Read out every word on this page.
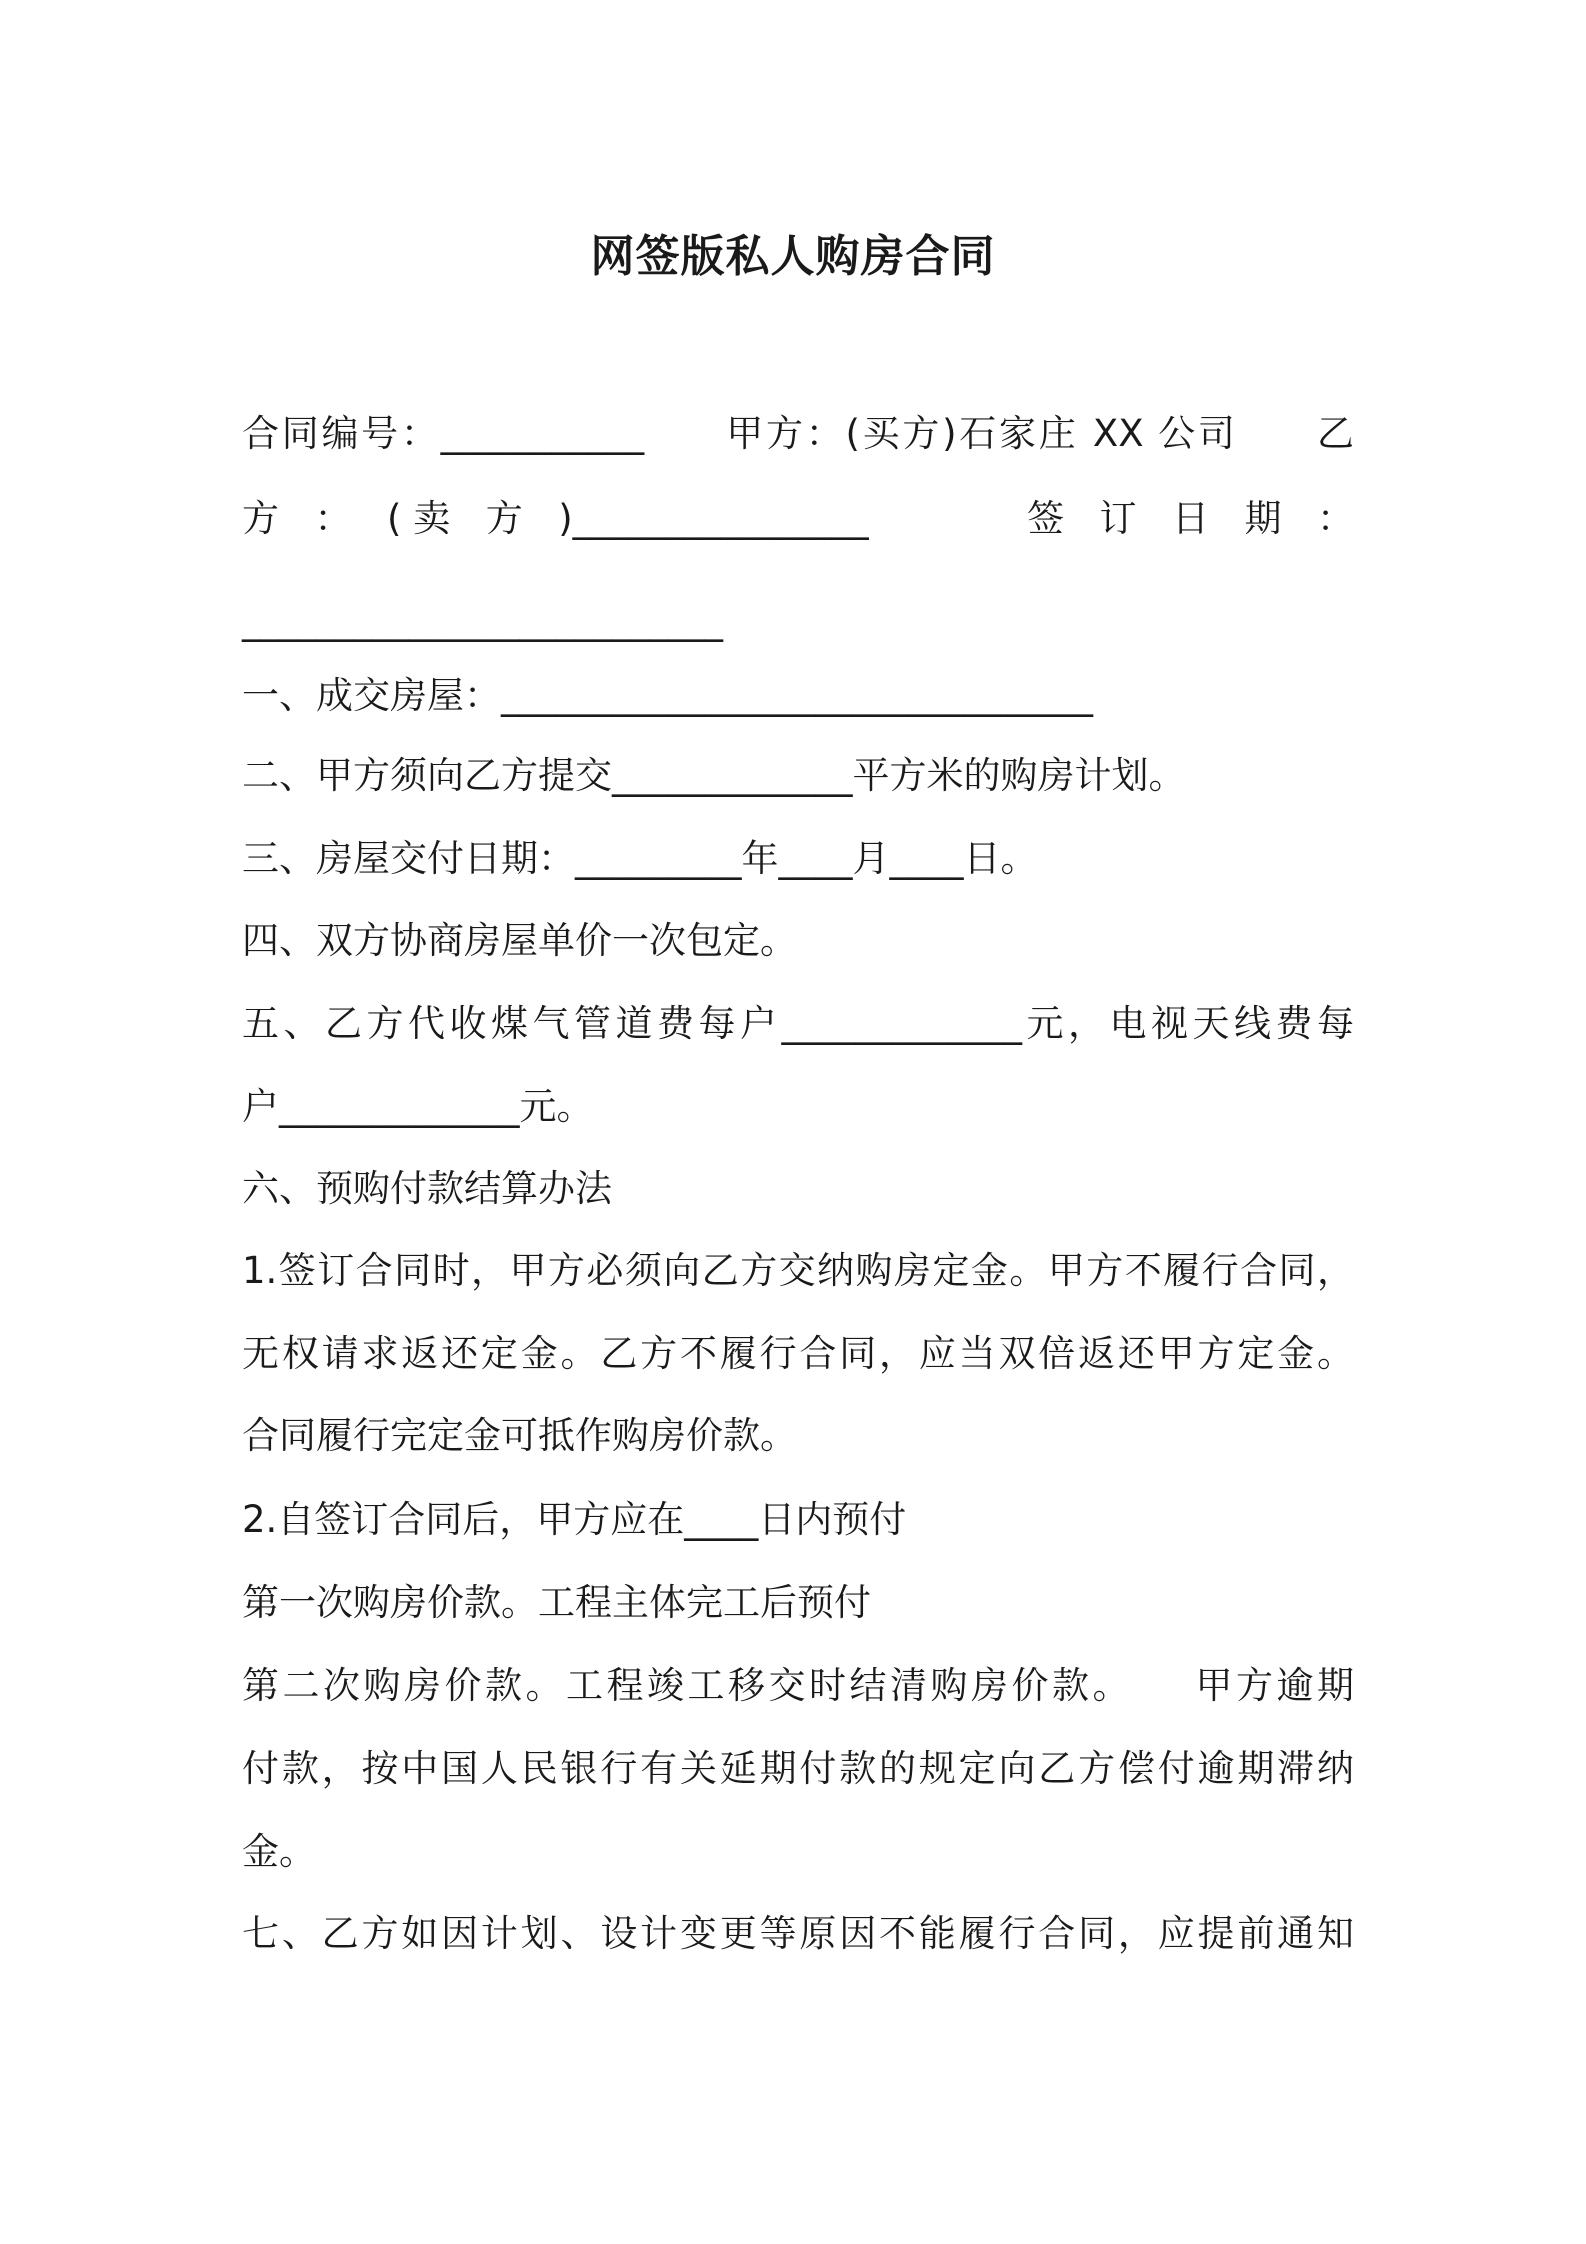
网签版私人购房合同
合同编号：___________　　甲方：(买方)石家庄 XX 公司　　乙
方 ： (卖 方 )________________　　　签 订 日 期 ：
__________________________
一、成交房屋：________________________________
二、甲方须向乙方提交_____________平方米的购房计划。
三、房屋交付日期：_________年____月____日。
四、双方协商房屋单价一次包定。
五、乙方代收煤气管道费每户_____________元，电视天线费每
户_____________元。
六、预购付款结算办法
1.签订合同时，甲方必须向乙方交纳购房定金。甲方不履行合同，
无权请求返还定金。乙方不履行合同，应当双倍返还甲方定金。
合同履行完定金可抵作购房价款。
2.自签订合同后，甲方应在____日内预付
第一次购房价款。工程主体完工后预付
第二次购房价款。工程竣工移交时结清购房价款。　　甲方逾期
付款，按中国人民银行有关延期付款的规定向乙方偿付逾期滞纳
金。
七、乙方如因计划、设计变更等原因不能履行合同，应提前通知
